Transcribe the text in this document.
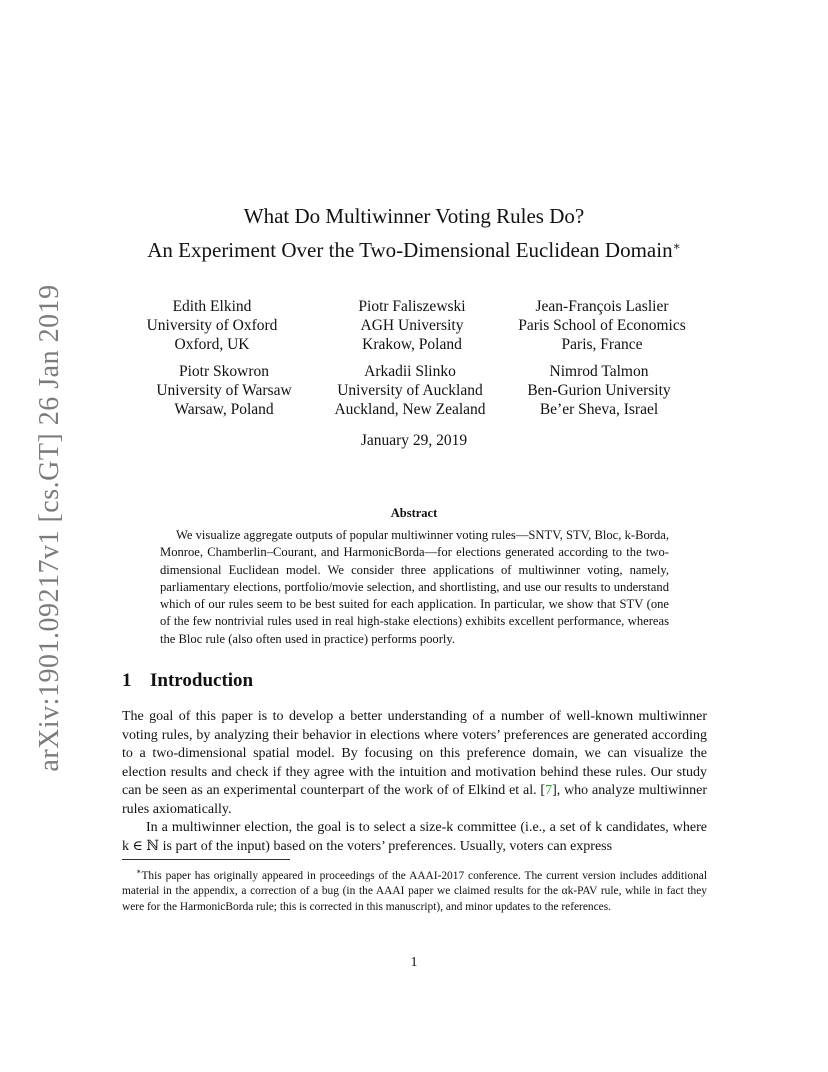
arXiv:1901.09217v1 [cs.GT] 26 Jan 2019
What Do Multiwinner Voting Rules Do?
An Experiment Over the Two-Dimensional Euclidean Domain∗
Edith Elkind
University of Oxford
Oxford, UK
Piotr Faliszewski
AGH University
Krakow, Poland
Jean-François Laslier
Paris School of Economics
Paris, France
Piotr Skowron
University of Warsaw
Warsaw, Poland
Arkadii Slinko
University of Auckland
Auckland, New Zealand
Nimrod Talmon
Ben-Gurion University
Be’er Sheva, Israel
January 29, 2019
Abstract
We visualize aggregate outputs of popular multiwinner voting rules—SNTV, STV, Bloc, k-Borda, Monroe, Chamberlin–Courant, and HarmonicBorda—for elections generated according to the two-dimensional Euclidean model. We consider three applications of multiwinner voting, namely, parliamentary elections, portfolio/movie selection, and shortlisting, and use our results to understand which of our rules seem to be best suited for each application. In particular, we show that STV (one of the few nontrivial rules used in real high-stake elections) exhibits excellent performance, whereas the Bloc rule (also often used in practice) performs poorly.
1 Introduction
The goal of this paper is to develop a better understanding of a number of well-known multiwinner voting rules, by analyzing their behavior in elections where voters’ preferences are generated according to a two-dimensional spatial model. By focusing on this preference domain, we can visualize the election results and check if they agree with the intuition and motivation behind these rules. Our study can be seen as an experimental counterpart of the work of of Elkind et al. [7], who analyze multiwinner rules axiomatically.
In a multiwinner election, the goal is to select a size-k committee (i.e., a set of k candidates, where k ∈ ℕ is part of the input) based on the voters’ preferences. Usually, voters can express
∗This paper has originally appeared in proceedings of the AAAI-2017 conference. The current version includes additional material in the appendix, a correction of a bug (in the AAAI paper we claimed results for the αk-PAV rule, while in fact they were for the HarmonicBorda rule; this is corrected in this manuscript), and minor updates to the references.
1
